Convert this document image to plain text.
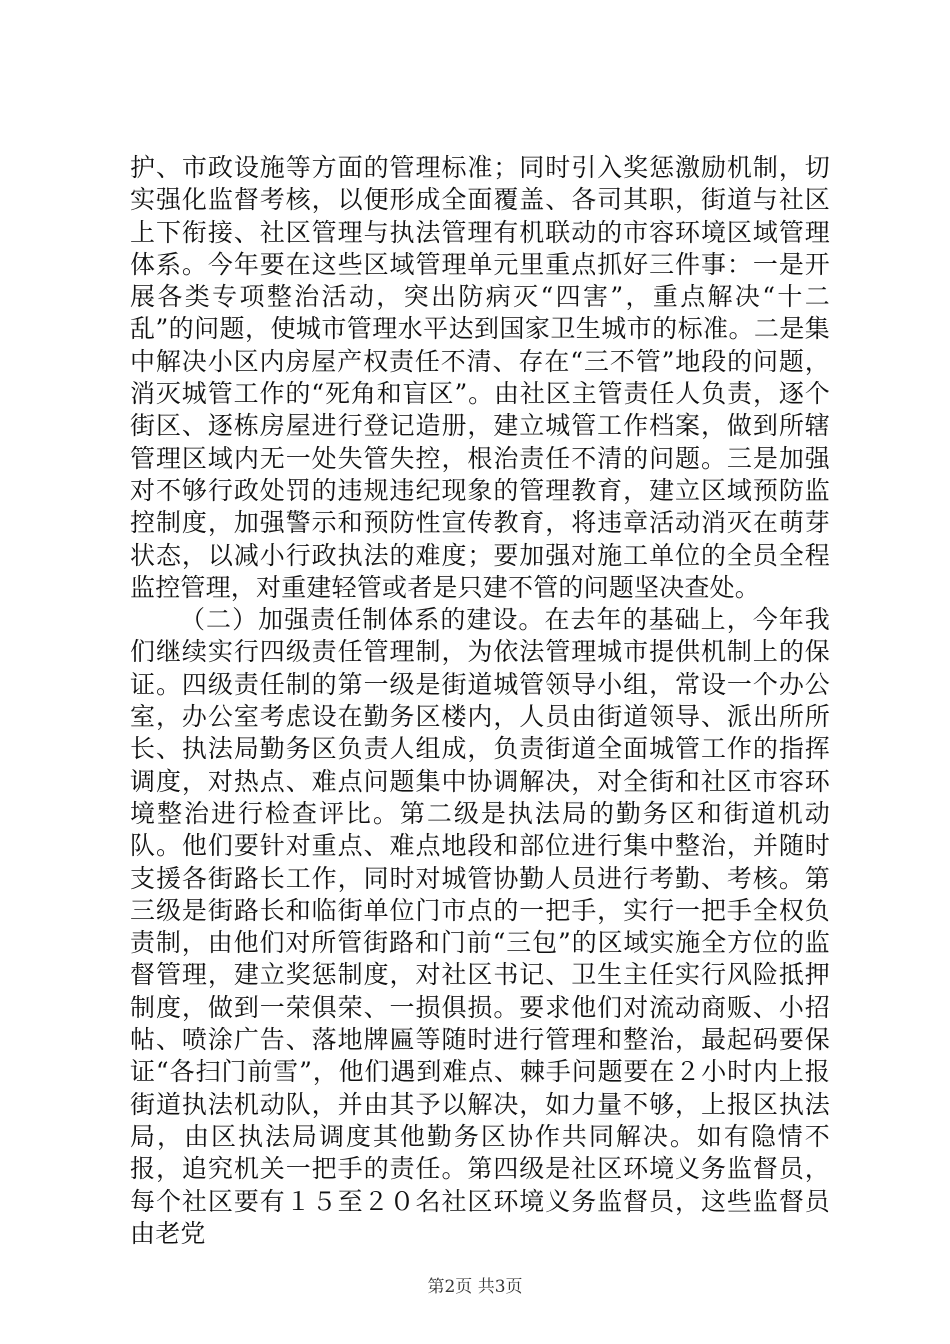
护、市政设施等方面的管理标准；同时引入奖惩激励机制，切实强化监督考核，以便形成全面覆盖、各司其职，街道与社区上下衔接、社区管理与执法管理有机联动的市容环境区域管理体系。今年要在这些区域管理单元里重点抓好三件事：一是开展各类专项整治活动，突出防病灭“四害”，重点解决“十二乱”的问题，使城市管理水平达到国家卫生城市的标准。二是集中解决小区内房屋产权责任不清、存在“三不管”地段的问题，消灭城管工作的“死角和盲区”。由社区主管责任人负责，逐个街区、逐栋房屋进行登记造册，建立城管工作档案，做到所辖管理区域内无一处失管失控，根治责任不清的问题。三是加强对不够行政处罚的违规违纪现象的管理教育，建立区域预防监控制度，加强警示和预防性宣传教育，将违章活动消灭在萌芽状态，以减小行政执法的难度；要加强对施工单位的全员全程监控管理，对重建轻管或者是只建不管的问题坚决查处。

（二）加强责任制体系的建设。在去年的基础上，今年我们继续实行四级责任管理制，为依法管理城市提供机制上的保证。四级责任制的第一级是街道城管领导小组，常设一个办公室，办公室考虑设在勤务区楼内，人员由街道领导、派出所所长、执法局勤务区负责人组成，负责街道全面城管工作的指挥调度，对热点、难点问题集中协调解决，对全街和社区市容环境整治进行检查评比。第二级是执法局的勤务区和街道机动队。他们要针对重点、难点地段和部位进行集中整治，并随时支援各街路长工作，同时对城管协勤人员进行考勤、考核。第三级是街路长和临街单位门市点的一把手，实行一把手全权负责制，由他们对所管街路和门前“三包”的区域实施全方位的监督管理，建立奖惩制度，对社区书记、卫生主任实行风险抵押制度，做到一荣俱荣、一损俱损。要求他们对流动商贩、小招帖、喷涂广告、落地牌匾等随时进行管理和整治，最起码要保证“各扫门前雪”，他们遇到难点、棘手问题要在２小时内上报街道执法机动队，并由其予以解决，如力量不够，上报区执法局，由区执法局调度其他勤务区协作共同解决。如有隐情不报，追究机关一把手的责任。第四级是社区环境义务监督员，每个社区要有１５至２０名社区环境义务监督员，这些监督员由老党

第2页 共3页
